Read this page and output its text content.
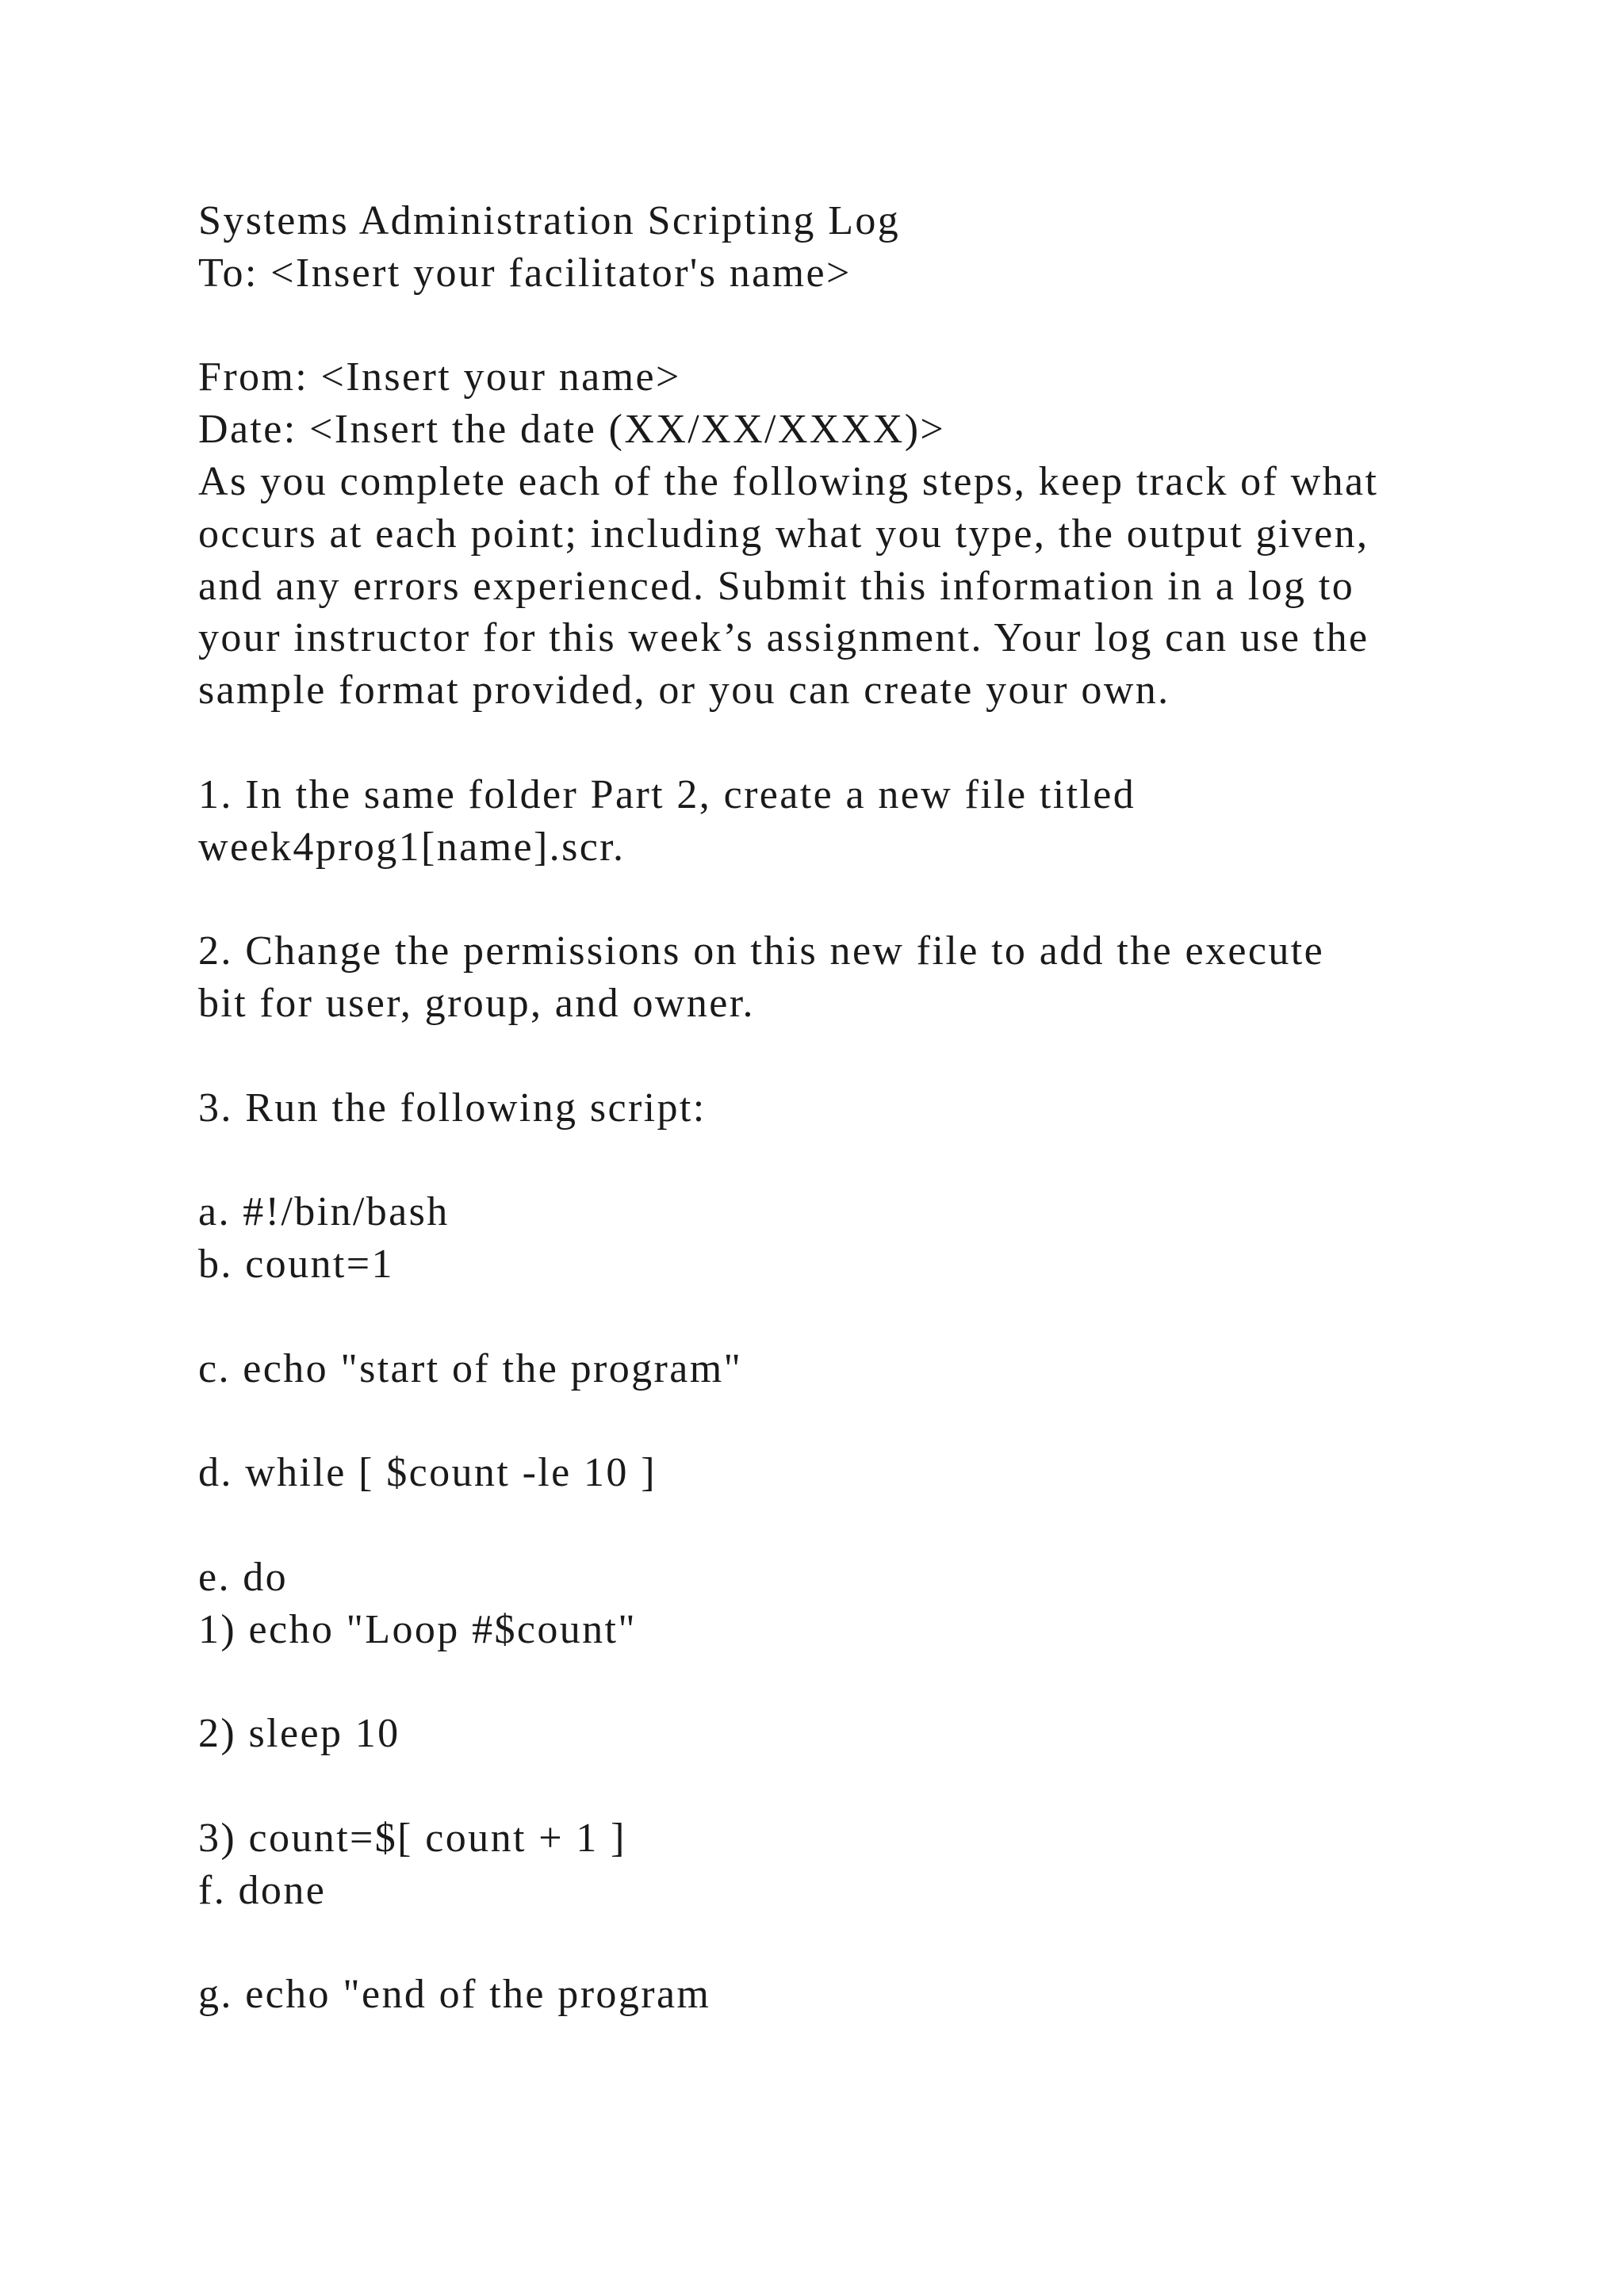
Systems Administration Scripting Log
To: <Insert your facilitator's name>
From: <Insert your name>
Date: <Insert the date (XX/XX/XXXX)>
As you complete each of the following steps, keep track of what
occurs at each point; including what you type, the output given,
and any errors experienced. Submit this information in a log to
your instructor for this week’s assignment. Your log can use the
sample format provided, or you can create your own.
1. In the same folder Part 2, create a new file titled
week4prog1[name].scr.
2. Change the permissions on this new file to add the execute
bit for user, group, and owner.
3. Run the following script:
a. #!/bin/bash
b. count=1
c. echo "start of the program"
d. while [ $count -le 10 ]
e. do
1) echo "Loop #$count"
2) sleep 10
3) count=$[ count + 1 ]
f. done
g. echo "end of the program
